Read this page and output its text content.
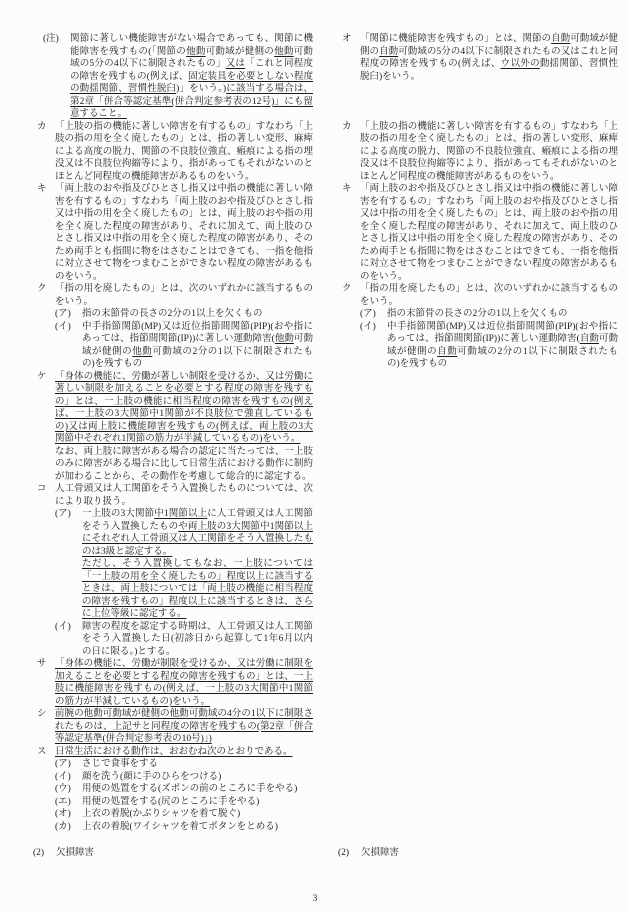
(注)	関節に著しい機能障害がない場合であっても、関節に機能障害を残すもの(「関節の他動可動域が健側の他動可動域の5分の4以下に制限されたもの」又は「これと同程度の障害を残すもの(例えば、固定装具を必要としない程度の動揺関節、習慣性脱臼)」をいう。)に該当する場合は、第2章「併合等認定基準(併合判定参考表の12号)」にも留意すること。
オ 「関節に機能障害を残すもの」とは、関節の自動可動域が健側の自動可動域の5分の4以下に制限されたもの又はこれと同程度の障害を残すもの(例えば、ウ以外の動揺関節、習慣性脱臼)をいう。
カ 「上肢の指の機能に著しい障害を有するもの」すなわち「上肢の指の用を全く廃したもの」とは、指の著しい変形、麻痺による高度の脱力、関節の不良肢位強直、瘢痕による指の埋没又は不良肢位拘縮等により、指があってもそれがないのとほとんど同程度の機能障害があるものをいう。
カ 「上肢の指の機能に著しい障害を有するもの」すなわち「上肢の指の用を全く廃したもの」とは、指の著しい変形、麻痺による高度の脱力、関節の不良肢位強直、瘢痕による指の埋没又は不良肢位拘縮等により、指があってもそれがないのとほとんど同程度の機能障害があるものをいう。
キ 「両上肢のおや指及びひとさし指又は中指の機能に著しい障害を有するもの」すなわち「両上肢のおや指及びひとさし指又は中指の用を全く廃したもの」とは、両上肢のおや指の用を全く廃した程度の障害があり、それに加えて、両上肢のひとさし指又は中指の用を全く廃した程度の障害があり、そのため両手とも指間に物をはさむことはできても、一指を他指に対立させて物をつまむことができない程度の障害があるものをいう。
キ 「両上肢のおや指及びひとさし指又は中指の機能に著しい障害を有するもの」すなわち「両上肢のおや指及びひとさし指又は中指の用を全く廃したもの」とは、両上肢のおや指の用を全く廃した程度の障害があり、それに加えて、両上肢のひとさし指又は中指の用を全く廃した程度の障害があり、そのため両手とも指間に物をはさむことはできても、一指を他指に対立させて物をつまむことができない程度の障害があるものをいう。
ク 「指の用を廃したもの」とは、次のいずれかに該当するものをいう。
(ア)	指の末節骨の長さの2分の1以上を欠くもの
(イ)	中手指節関節(MP)又は近位指節間関節(PIP)(おや指にあっては、指節間関節(IP))に著しい運動障害(他動可動域が健側の他動可動域の2分の1以下に制限されたもの)を残すもの
ク 「指の用を廃したもの」とは、次のいずれかに該当するものをいう。
(ア)	指の末節骨の長さの2分の1以上を欠くもの
(イ)	中手指節関節(MP)又は近位指節間関節(PIP)(おや指にあっては、指節間関節(IP))に著しい運動障害(自動可動域が健側の自動可動域の2分の1以下に制限されたもの)を残すもの
ケ 「身体の機能に、労働が著しい制限を受けるか、又は労働に著しい制限を加えることを必要とする程度の障害を残すもの」とは、一上肢の機能に相当程度の障害を残すもの(例えば、一上肢の3大関節中1関節が不良肢位で強直しているもの)又は両上肢に機能障害を残すもの(例えば、両上肢の3大関節中それぞれ1関節の筋力が半減しているもの)をいう。
なお、両上肢に障害がある場合の認定に当たっては、一上肢のみに障害がある場合に比して日常生活における動作に制約が加わることから、その動作を考慮して総合的に認定する。
コ 人工骨頭又は人工関節をそう入置換したものについては、次により取り扱う。
(ア)	一上肢の3大関節中1関節以上に人工骨頭又は人工関節をそう入置換したものや両上肢の3大関節中1関節以上にそれぞれ人工骨頭又は人工関節をそう入置換したものは3級と認定する。
ただし、そう入置換してもなお、一上肢については「一上肢の用を全く廃したもの」程度以上に該当するときは、両上肢については「両上肢の機能に相当程度の障害を残すもの」程度以上に該当するときは、さらに上位等級に認定する。
(イ)	障害の程度を認定する時期は、人工骨頭又は人工関節をそう入置換した日(初診日から起算して1年6月以内の日に限る。)とする。
サ 「身体の機能に、労働が制限を受けるか、又は労働に制限を加えることを必要とする程度の障害を残すもの」とは、一上肢に機能障害を残すもの(例えば、一上肢の3大関節中1関節の筋力が半減しているもの)をいう。
シ 前腕の他動可動域が健側の他動可動域の4分の1以下に制限されたものは、上記サと同程度の障害を残すもの(第2章「併合等認定基準(併合判定参考表の10号)」)
ス 日常生活における動作は、おおむね次のとおりである。
(ア)	さじで食事をする
(イ)	顔を洗う(顔に手のひらをつける)
(ウ)	用便の処置をする(ズボンの前のところに手をやる)
(エ)	用便の処置をする(尻のところに手をやる)
(オ)	上衣の着脱(かぶりシャツを着て脱ぐ)
(カ)	上衣の着脱(ワイシャツを着てボタンをとめる)
(2)	欠損障害	(2)	欠損障害
3
